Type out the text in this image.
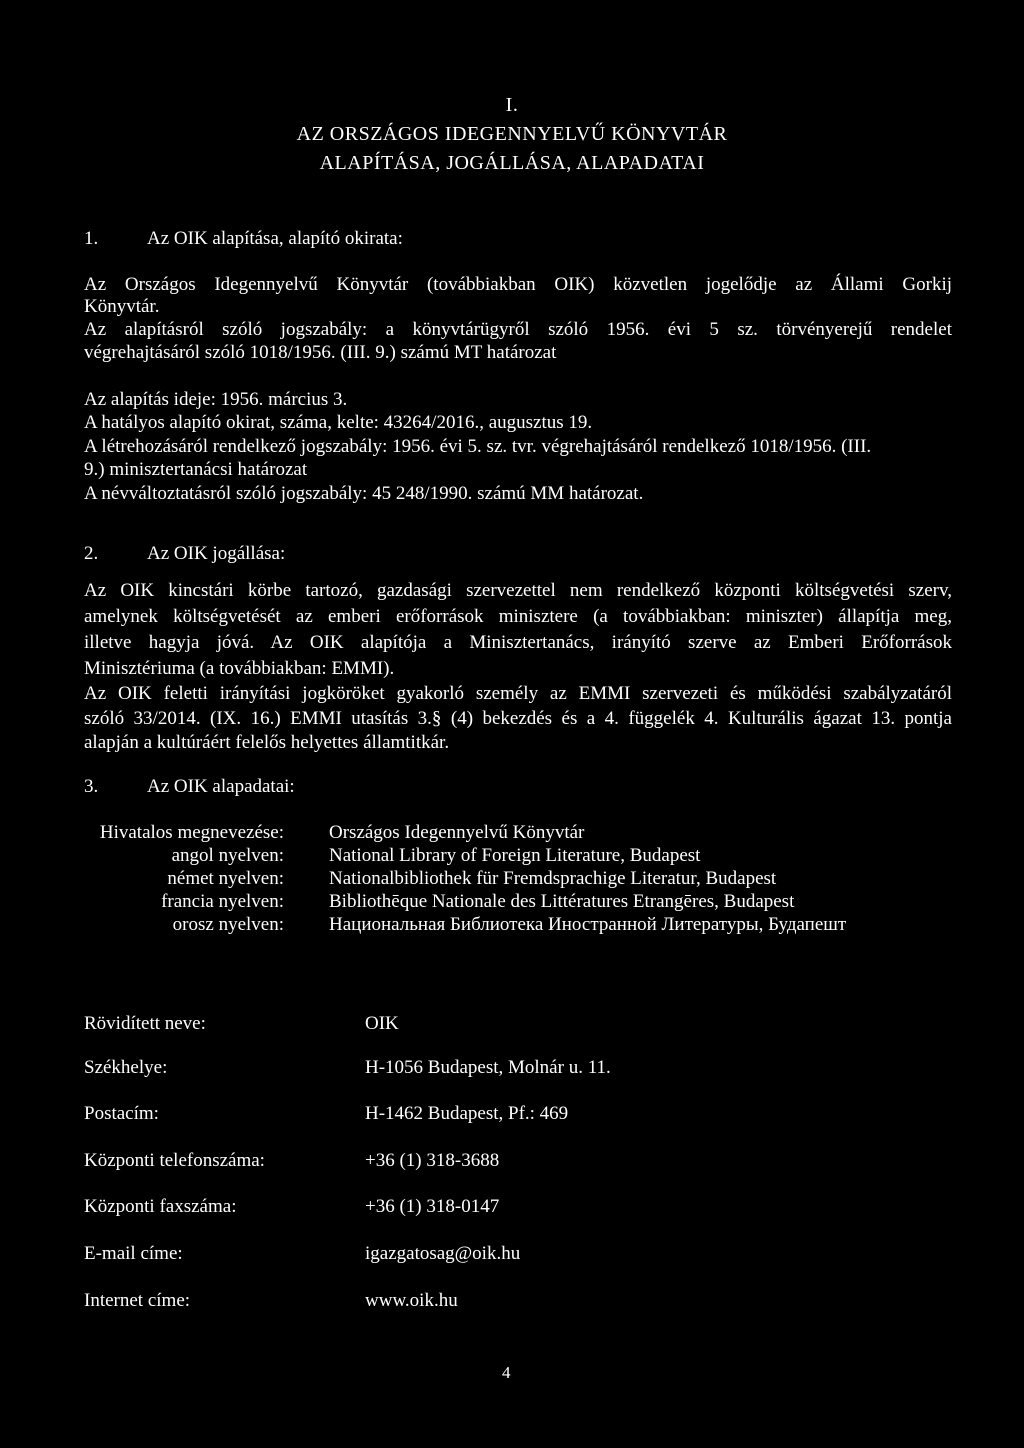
I.
AZ ORSZÁGOS IDEGENNYELVŰ KÖNYVTÁR
ALAPÍTÁSA, JOGÁLLÁSA, ALAPADATAI
1.	Az OIK alapítása, alapító okirata:
Az Országos Idegennyelvű Könyvtár (továbbiakban OIK) közvetlen jogelődje az Állami Gorkij
Könyvtár.
Az alapításról szóló jogszabály: a könyvtárügyről szóló 1956. évi 5 sz. törvényerejű rendelet
végrehajtásáról szóló 1018/1956. (III. 9.) számú MT határozat
Az alapítás ideje: 1956. március 3.
A hatályos alapító okirat, száma, kelte: 43264/2016., augusztus 19.
A létrehozásáról rendelkező jogszabály: 1956. évi 5. sz. tvr. végrehajtásáról rendelkező 1018/1956. (III.
9.) minisztertanácsi határozat
A névváltoztatásról szóló jogszabály: 45 248/1990. számú MM határozat.
2.	Az OIK jogállása:
Az OIK kincstári körbe tartozó, gazdasági szervezettel nem rendelkező központi költségvetési szerv,
amelynek költségvetését az emberi erőforrások minisztere (a továbbiakban: miniszter) állapítja meg,
illetve hagyja jóvá. Az OIK alapítója a Minisztertanács, irányító szerve az Emberi Erőforrások
Minisztériuma (a továbbiakban: EMMI).
Az OIK feletti irányítási jogköröket gyakorló személy az EMMI szervezeti és működési szabályzatáról
szóló 33/2014. (IX. 16.) EMMI utasítás 3.§ (4) bekezdés és a 4. függelék 4. Kulturális ágazat 13. pontja
alapján a kultúráért felelős helyettes államtitkár.
3.	Az OIK alapadatai:
Hivatalos megnevezése: Országos Idegennyelvű Könyvtár
angol nyelven: National Library of Foreign Literature, Budapest
német nyelven: Nationalbibliothek für Fremdsprachige Literatur, Budapest
francia nyelven: Bibliothēque Nationale des Littératures Etrangēres, Budapest
orosz nyelven: Национальная Библиотека Иностранной Литературы, Будапешт
Rövidített neve:	OIK
Székhelye:	H-1056 Budapest, Molnár u. 11.
Postacím:	H-1462 Budapest, Pf.: 469
Központi telefonszáma:	+36 (1) 318-3688
Központi faxszáma:	+36 (1) 318-0147
E-mail címe:	igazgatosag@oik.hu
Internet címe:	www.oik.hu
4
